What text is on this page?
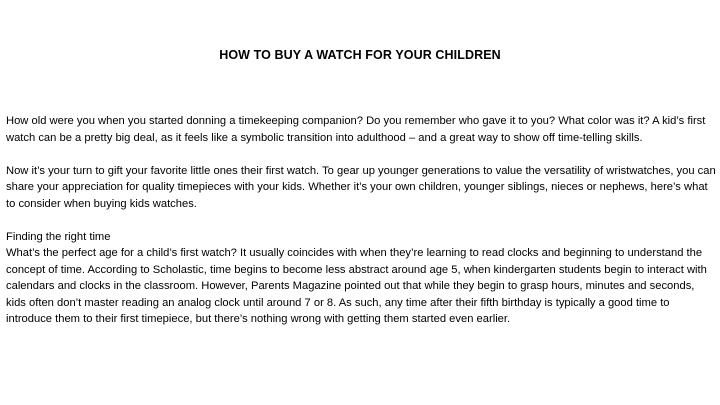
HOW TO BUY A WATCH FOR YOUR CHILDREN

How old were you when you started donning a timekeeping companion? Do you remember who gave it to you? What color was it? A kid’s first watch can be a pretty big deal, as it feels like a symbolic transition into adulthood – and a great way to show off time-telling skills.

Now it’s your turn to gift your favorite little ones their first watch. To gear up younger generations to value the versatility of wristwatches, you can share your appreciation for quality timepieces with your kids. Whether it’s your own children, younger siblings, nieces or nephews, here’s what to consider when buying kids watches.

Finding the right time

What’s the perfect age for a child’s first watch? It usually coincides with when they’re learning to read clocks and beginning to understand the concept of time. According to Scholastic, time begins to become less abstract around age 5, when kindergarten students begin to interact with calendars and clocks in the classroom. However, Parents Magazine pointed out that while they begin to grasp hours, minutes and seconds, kids often don’t master reading an analog clock until around 7 or 8. As such, any time after their fifth birthday is typically a good time to introduce them to their first timepiece, but there’s nothing wrong with getting them started even earlier.
